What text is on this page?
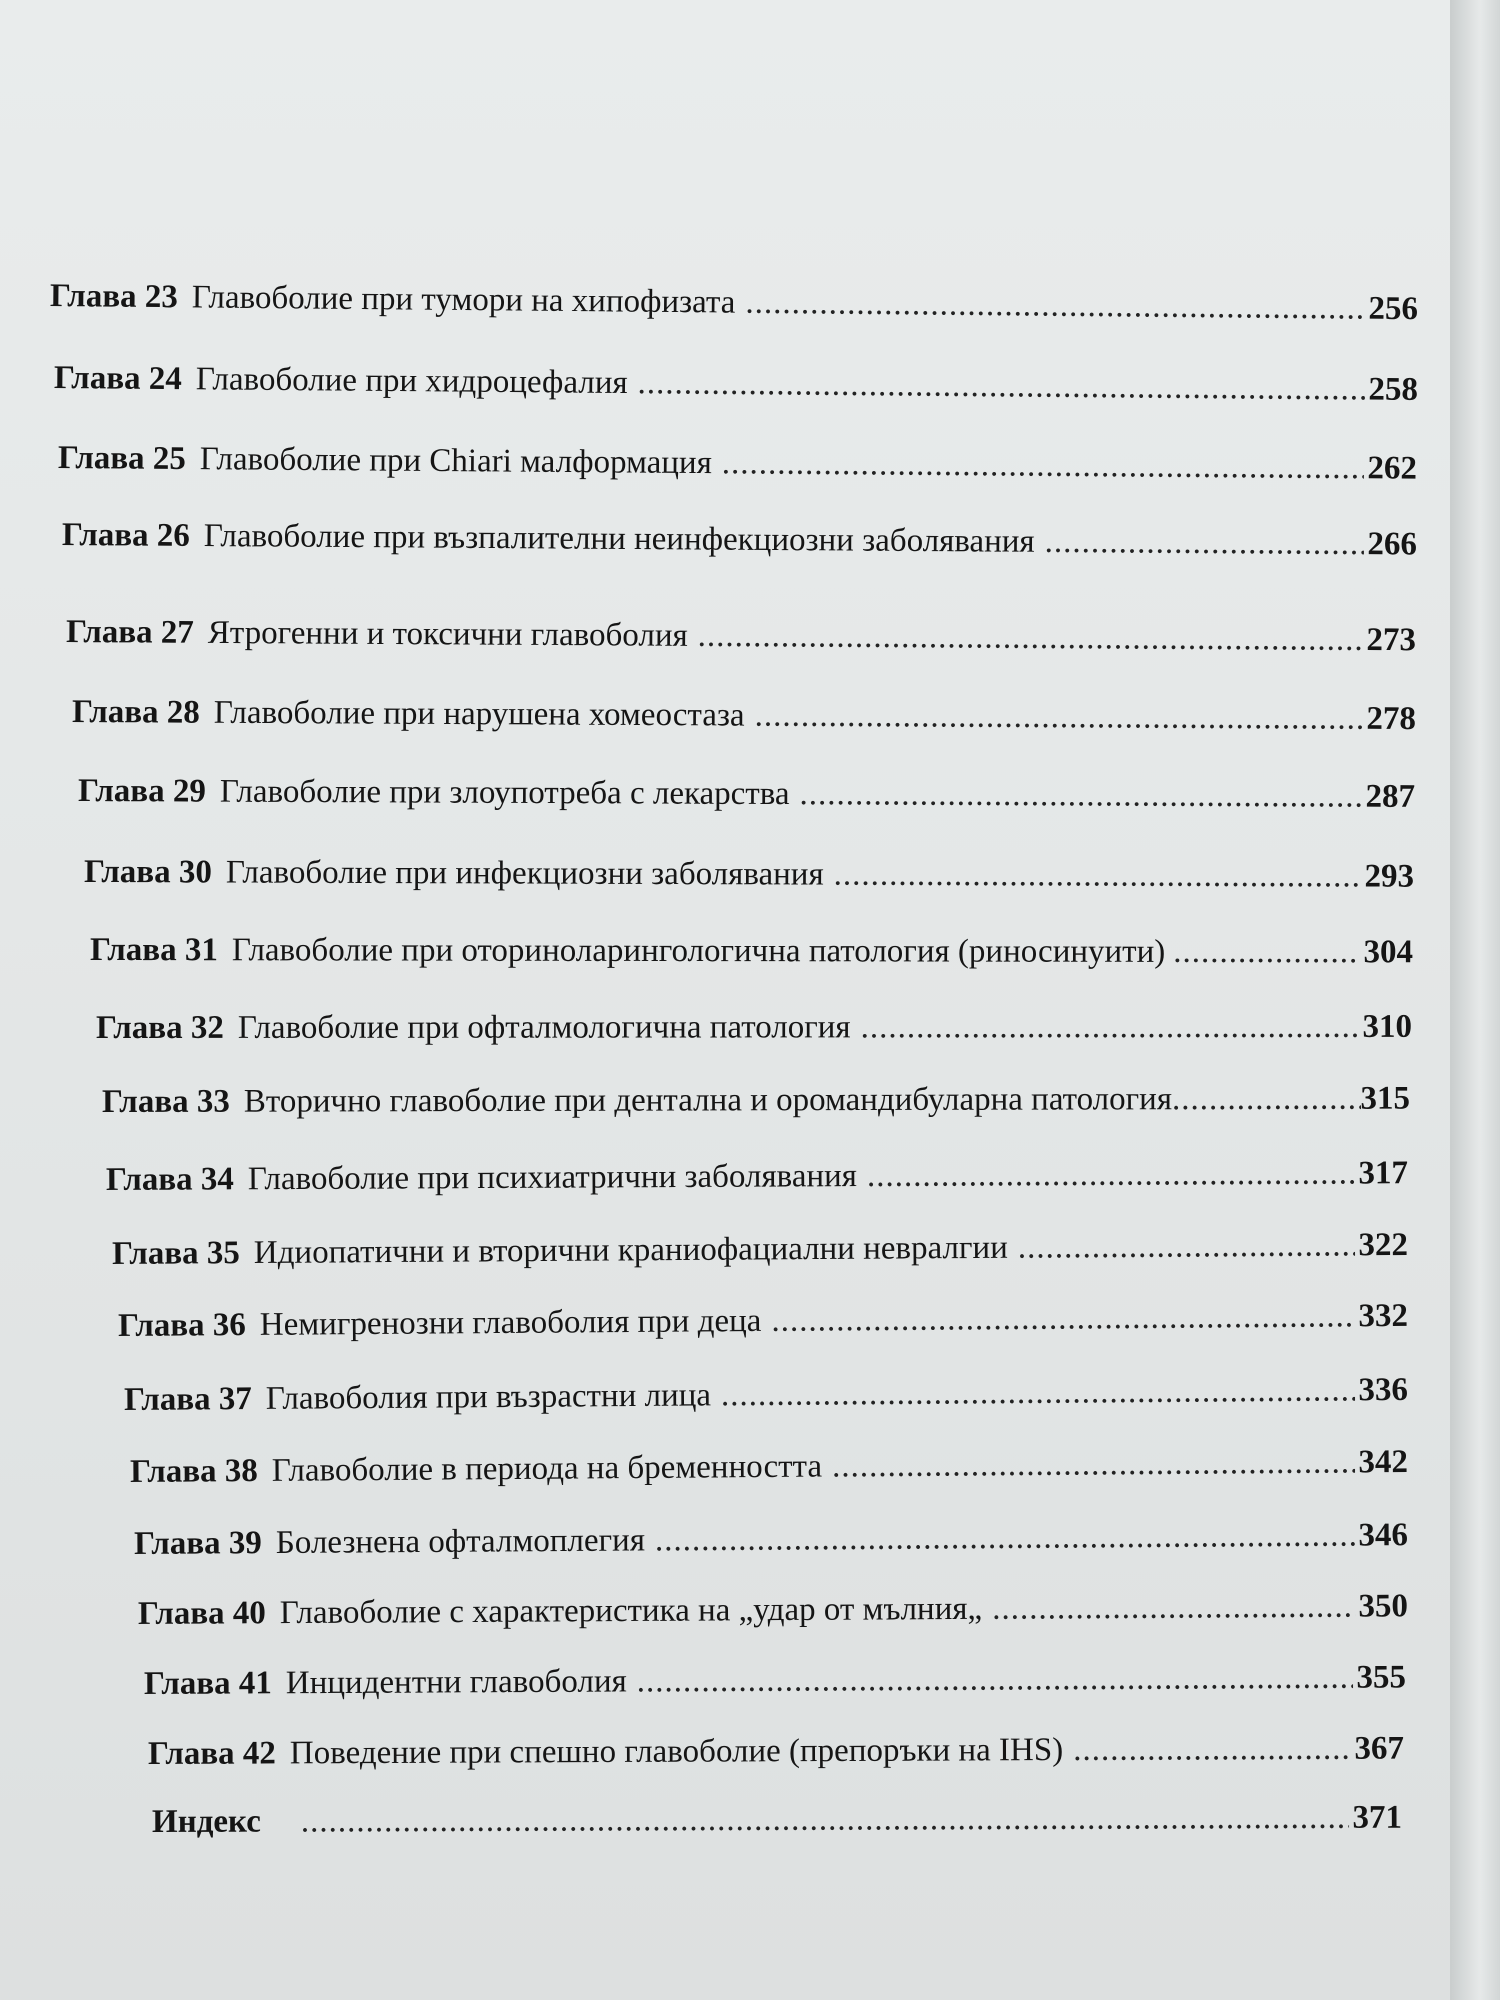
Глава 23 Главоболие при тумори на хипофизата .....	256
Глава 24 Главоболие при хидроцефалия .....	258
Глава 25 Главоболие при Chiari малформация .....	262
Глава 26 Главоболие при възпалителни неинфекциозни заболявания .....	266
Глава 27 Ятрогенни и токсични главоболия .....	273
Глава 28 Главоболие при нарушена хомеостаза .....	278
Глава 29 Главоболие при злоупотреба с лекарства .....	287
Глава 30 Главоболие при инфекциозни заболявания .....	293
Глава 31 Главоболие при оториноларингологична патология (риносинуити) .....	304
Глава 32 Главоболие при офталмологична патология .....	310
Глава 33 Вторично главоболие при дентална и оромандибуларна патология .....	315
Глава 34 Главоболие при психиатрични заболявания .....	317
Глава 35 Идиопатични и вторични краниофациални невралгии .....	322
Глава 36 Немигренозни главоболия при деца .....	332
Глава 37 Главоболия при възрастни лица .....	336
Глава 38 Главоболие в периода на бременността .....	342
Глава 39 Болезнена офталмоплегия .....	346
Глава 40 Главоболие с характеристика на „удар от мълния„ .....	350
Глава 41 Инцидентни главоболия .....	355
Глава 42 Поведение при спешно главоболие (препоръки на IHS) .....	367
Индекс .....	371
